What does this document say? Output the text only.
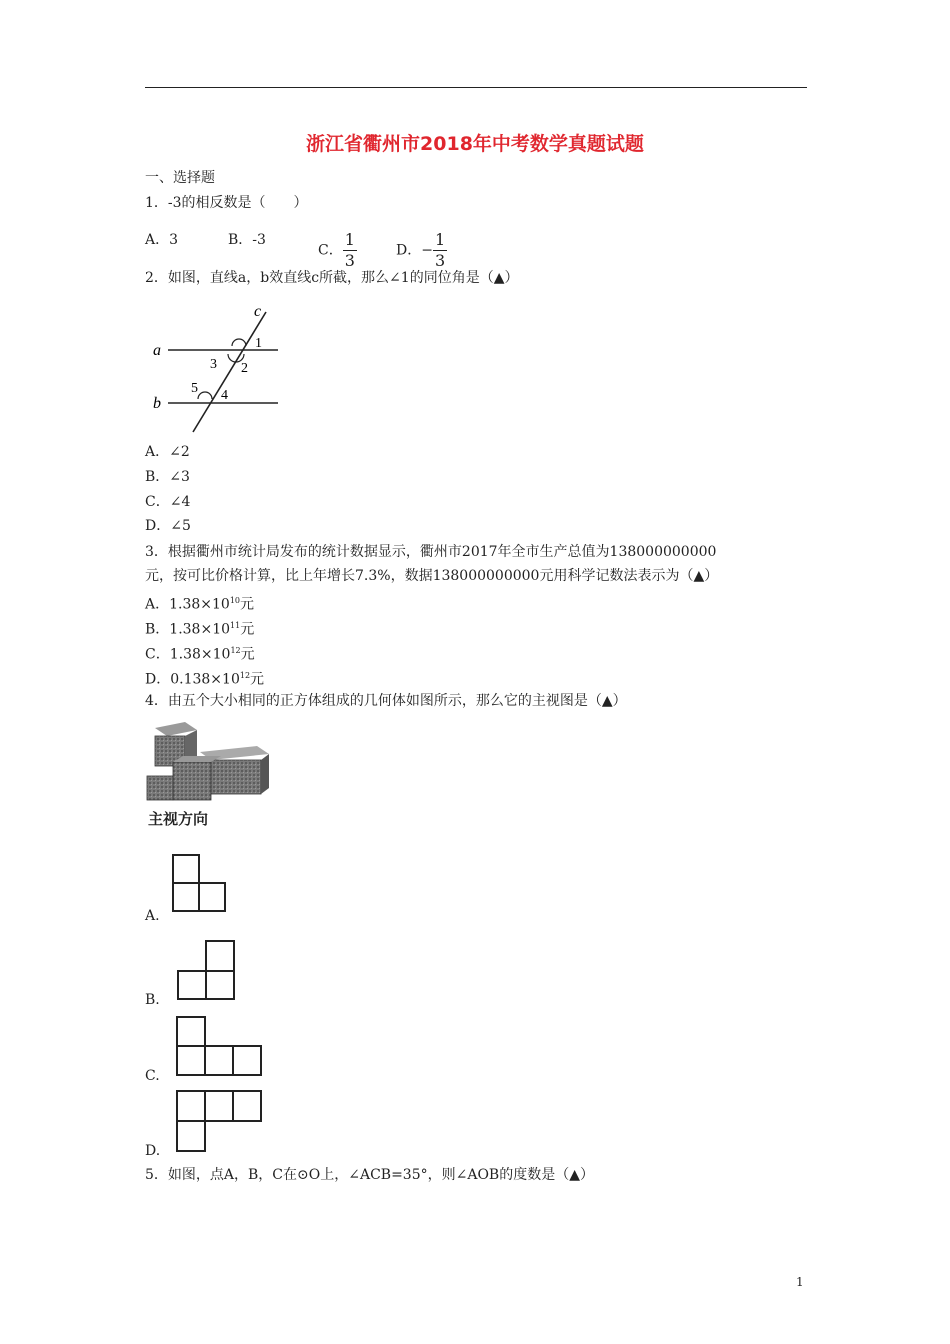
浙江省衢州市2018年中考数学真题试题
一、选择题
1．-3的相反数是（　　）
A．3	B．-3
C． $\frac{1}{3}$	D．− $\frac{1}{3}$
2．如图，直线a，b效直线c所截，那么∠1的同位角是（▲）
a
b
c
1
2
3
4
5
A．∠2
B．∠3
C．∠4
D．∠5
3．根据衢州市统计局发布的统计数据显示，衢州市2017年全市生产总值为138000000000
元，按可比价格计算，比上年增长7.3%，数据138000000000元用科学记数法表示为（▲）
A．$1.38\times 10^{10}$元
B．$1.38\times 10^{11}$元
C．$1.38\times 10^{12}$元
D．$0.138\times 10^{12}$元
4．由五个大小相同的正方体组成的几何体如图所示，那么它的主视图是（▲）
主视方向
A.
B.
C.
D.
5．如图，点A，B，C在⊙O上，∠ACB=35°，则∠AOB的度数是（▲）
1
